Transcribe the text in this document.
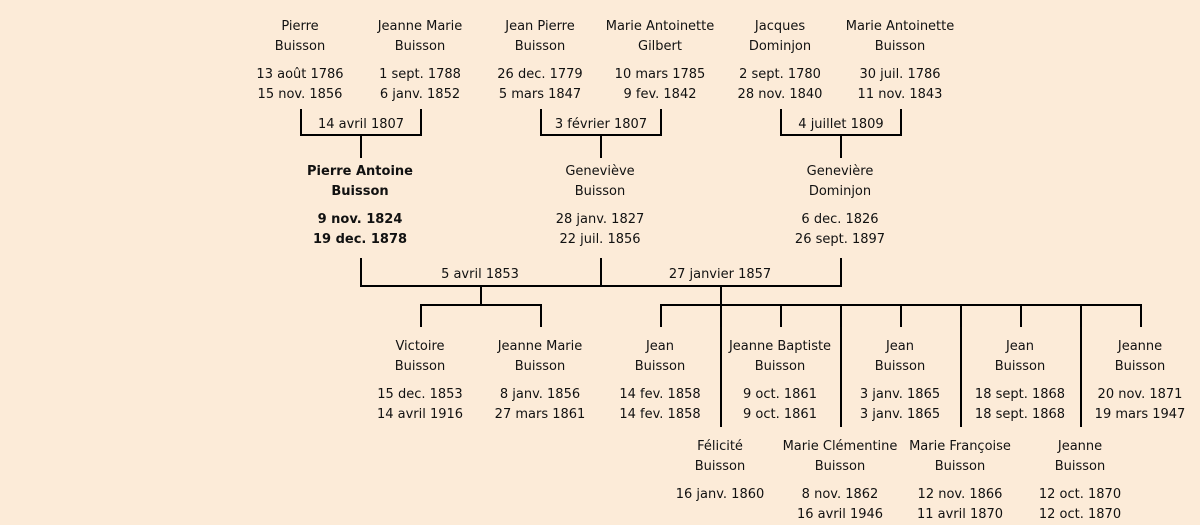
Pierre
Buisson
13 août 1786
15 nov. 1856
Jeanne Marie
Buisson
1 sept. 1788
6 janv. 1852
Jean Pierre
Buisson
26 dec. 1779
5 mars 1847
Marie Antoinette
Gilbert
10 mars 1785
9 fev. 1842
Jacques
Dominjon
2 sept. 1780
28 nov. 1840
Marie Antoinette
Buisson
30 juil. 1786
11 nov. 1843
14 avril 1807	3 février 1807	4 juillet 1809
Pierre Antoine
Buisson
9 nov. 1824
19 dec. 1878
Geneviève
Buisson
28 janv. 1827
22 juil. 1856
Genevière
Dominjon
6 dec. 1826
26 sept. 1897
5 avril 1853	27 janvier 1857
Victoire
Buisson
15 dec. 1853
14 avril 1916
Jeanne Marie
Buisson
8 janv. 1856
27 mars 1861
Jean
Buisson
14 fev. 1858
14 fev. 1858
Jeanne Baptiste
Buisson
9 oct. 1861
9 oct. 1861
Jean
Buisson
3 janv. 1865
3 janv. 1865
Jean
Buisson
18 sept. 1868
18 sept. 1868
Jeanne
Buisson
20 nov. 1871
19 mars 1947
Félicité
Buisson
16 janv. 1860
Marie Clémentine
Buisson
8 nov. 1862
16 avril 1946
Marie Françoise
Buisson
12 nov. 1866
11 avril 1870
Jeanne
Buisson
12 oct. 1870
12 oct. 1870
